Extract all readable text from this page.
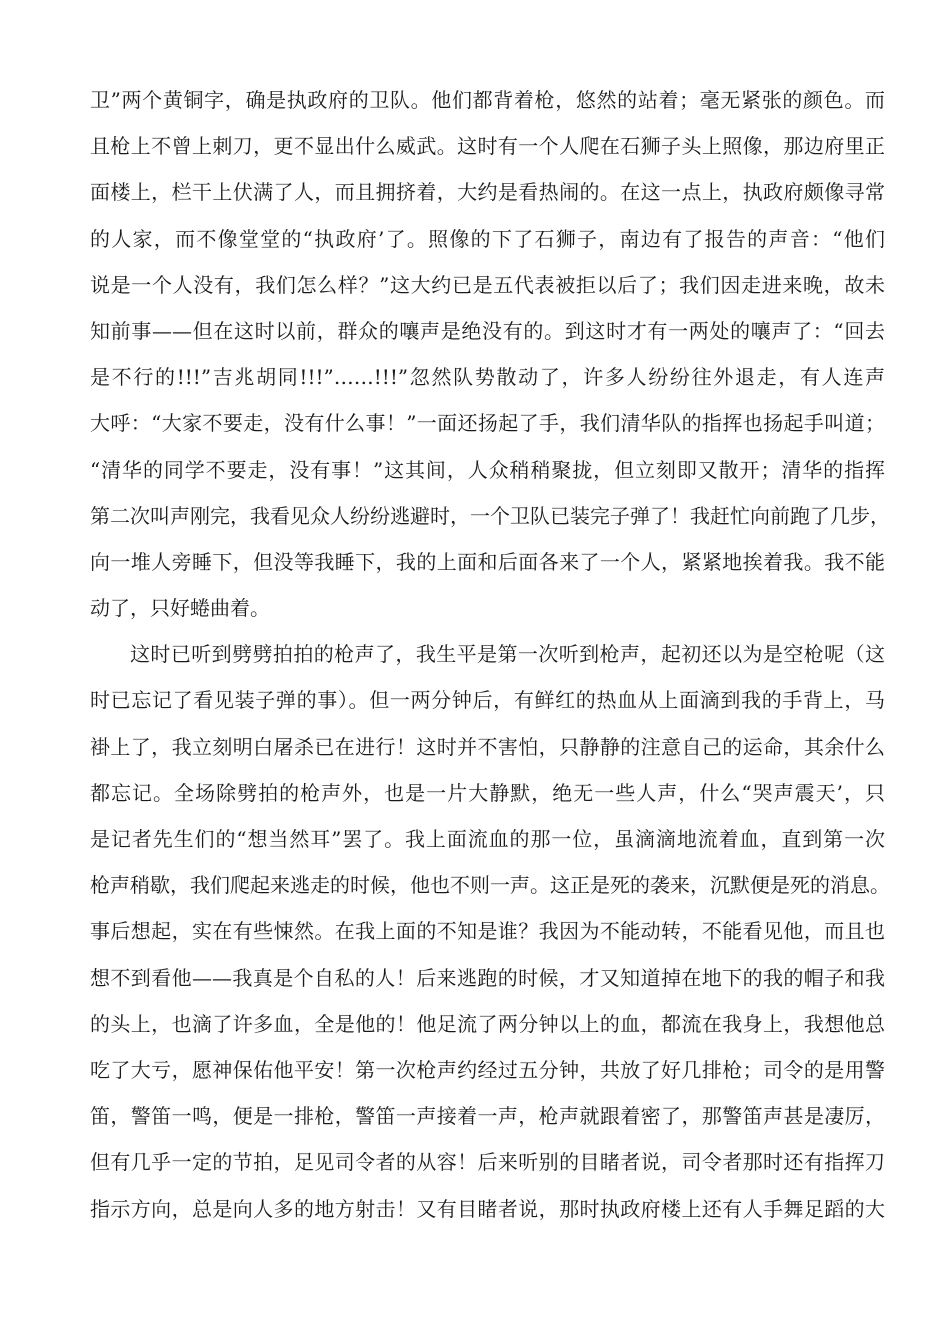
卫”两个黄铜字，确是执政府的卫队。他们都背着枪，悠然的站着；毫无紧张的颜色。而
且枪上不曾上刺刀，更不显出什么威武。这时有一个人爬在石狮子头上照像，那边府里正
面楼上，栏干上伏满了人，而且拥挤着，大约是看热闹的。在这一点上，执政府颇像寻常
的人家，而不像堂堂的“执政府’了。照像的下了石狮子，南边有了报告的声音：“他们
说是一个人没有，我们怎么样？”这大约已是五代表被拒以后了；我们因走进来晚，故未
知前事——但在这时以前，群众的嚷声是绝没有的。到这时才有一两处的嚷声了：“回去
是不行的!!!”吉兆胡同!!!”……!!!”忽然队势散动了，许多人纷纷往外退走，有人连声
大呼：“大家不要走，没有什么事！”一面还扬起了手，我们清华队的指挥也扬起手叫道；
“清华的同学不要走，没有事！”这其间，人众稍稍聚拢，但立刻即又散开；清华的指挥
第二次叫声刚完，我看见众人纷纷逃避时，一个卫队已装完子弹了！我赶忙向前跑了几步，
向一堆人旁睡下，但没等我睡下，我的上面和后面各来了一个人，紧紧地挨着我。我不能
动了，只好蜷曲着。
这时已听到劈劈拍拍的枪声了，我生平是第一次听到枪声，起初还以为是空枪呢（这
时已忘记了看见装子弹的事）。但一两分钟后，有鲜红的热血从上面滴到我的手背上，马
褂上了，我立刻明白屠杀已在进行！这时并不害怕，只静静的注意自己的运命，其余什么
都忘记。全场除劈拍的枪声外，也是一片大静默，绝无一些人声，什么“哭声震天’，只
是记者先生们的“想当然耳”罢了。我上面流血的那一位，虽滴滴地流着血，直到第一次
枪声稍歇，我们爬起来逃走的时候，他也不则一声。这正是死的袭来，沉默便是死的消息。
事后想起，实在有些悚然。在我上面的不知是谁？我因为不能动转，不能看见他，而且也
想不到看他——我真是个自私的人！后来逃跑的时候，才又知道掉在地下的我的帽子和我
的头上，也滴了许多血，全是他的！他足流了两分钟以上的血，都流在我身上，我想他总
吃了大亏，愿神保佑他平安！第一次枪声约经过五分钟，共放了好几排枪；司令的是用警
笛，警笛一鸣，便是一排枪，警笛一声接着一声，枪声就跟着密了，那警笛声甚是凄厉，
但有几乎一定的节拍，足见司令者的从容！后来听别的目睹者说，司令者那时还有指挥刀
指示方向，总是向人多的地方射击！又有目睹者说，那时执政府楼上还有人手舞足蹈的大
